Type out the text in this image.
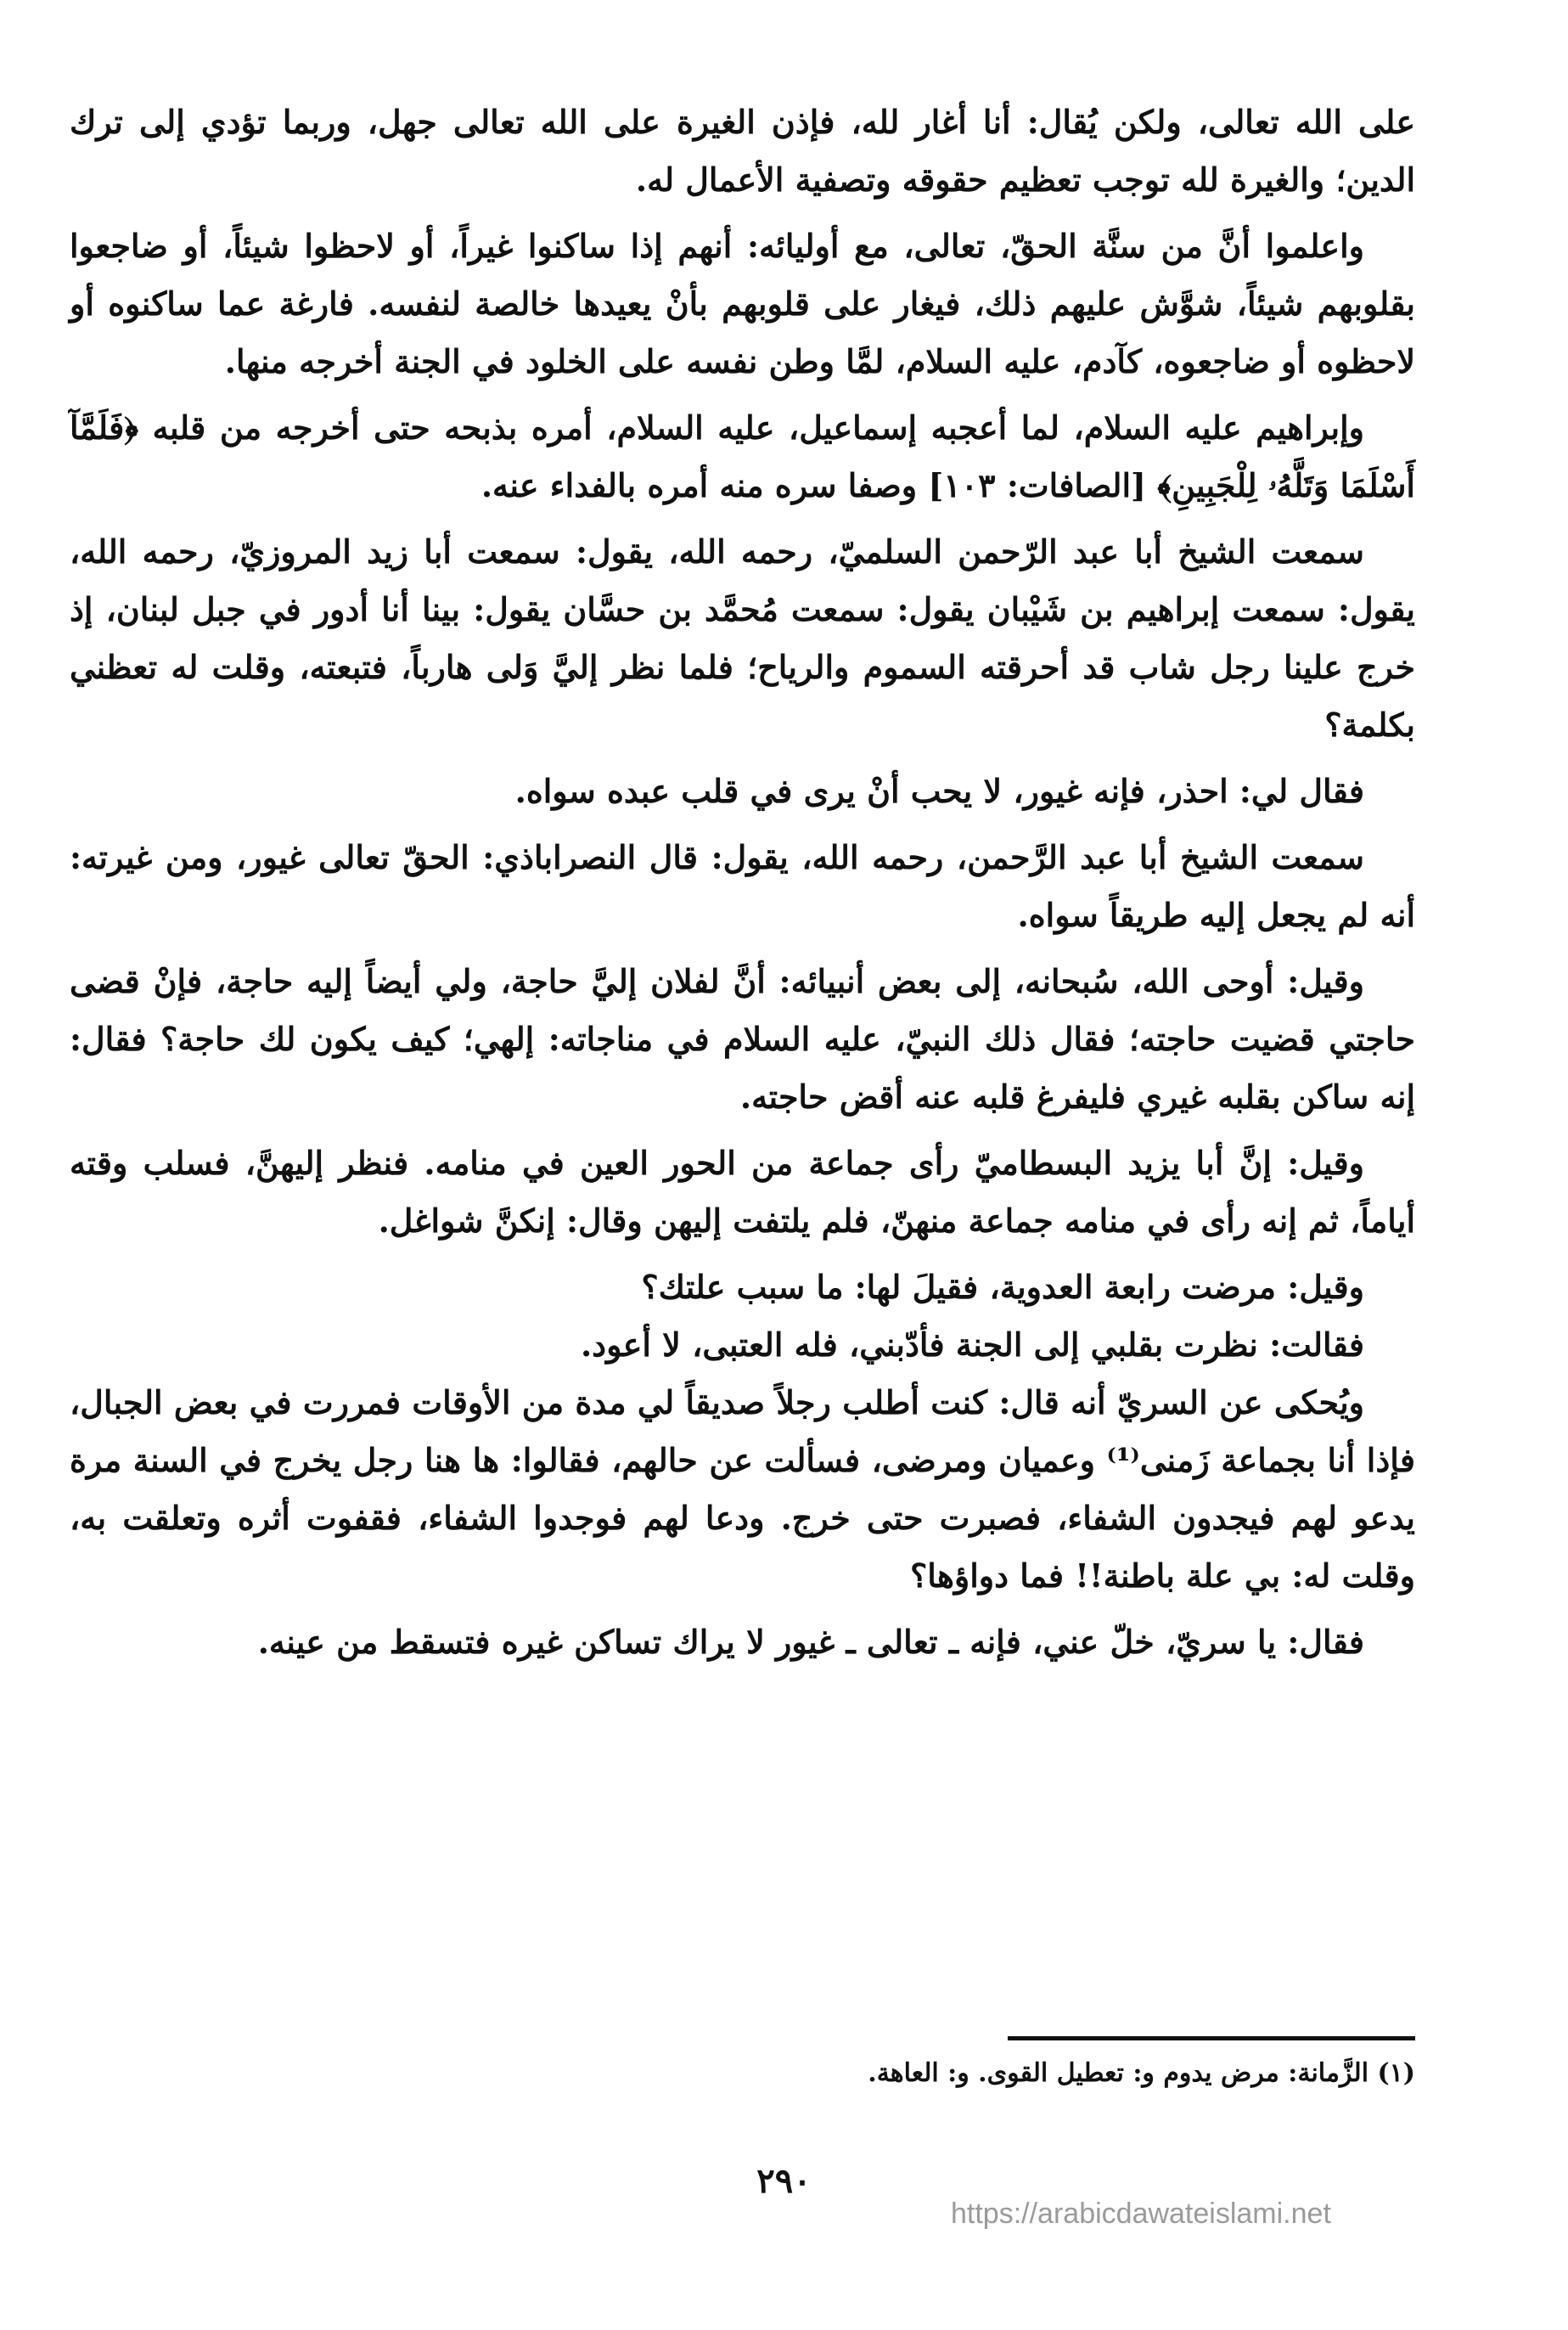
على الله تعالى، ولكن يُقال: أنا أغار لله، فإذن الغيرة على الله تعالى جهل، وربما تؤدي إلى ترك الدين؛ والغيرة لله توجب تعظيم حقوقه وتصفية الأعمال له.

واعلموا أنَّ من سنَّة الحقّ، تعالى، مع أوليائه: أنهم إذا ساكنوا غيراً، أو لاحظوا شيئاً، أو ضاجعوا بقلوبهم شيئاً، شوَّش عليهم ذلك، فيغار على قلوبهم بأنْ يعيدها خالصة لنفسه. فارغة عما ساكنوه أو لاحظوه أو ضاجعوه، كآدم، عليه السلام، لمَّا وطن نفسه على الخلود في الجنة أخرجه منها.

وإبراهيم عليه السلام، لما أعجبه إسماعيل، عليه السلام، أمره بذبحه حتى أخرجه من قلبه ﴿فَلَمَّآ أَسْلَمَا وَتَلَّهُۥ لِلْجَبِينِ﴾ [الصافات: ١٠٣] وصفا سره منه أمره بالفداء عنه.

سمعت الشيخ أبا عبد الرّحمن السلميّ، رحمه الله، يقول: سمعت أبا زيد المروزيّ، رحمه الله، يقول: سمعت إبراهيم بن شَيْبان يقول: سمعت مُحمَّد بن حسَّان يقول: بينا أنا أدور في جبل لبنان، إذ خرج علينا رجل شاب قد أحرقته السموم والرياح؛ فلما نظر إليَّ وَلى هارباً، فتبعته، وقلت له تعظني بكلمة؟

فقال لي: احذر، فإنه غيور، لا يحب أنْ يرى في قلب عبده سواه.

سمعت الشيخ أبا عبد الرَّحمن، رحمه الله، يقول: قال النصراباذي: الحقّ تعالى غيور، ومن غيرته: أنه لم يجعل إليه طريقاً سواه.

وقيل: أوحى الله، سُبحانه، إلى بعض أنبيائه: أنَّ لفلان إليَّ حاجة، ولي أيضاً إليه حاجة، فإنْ قضى حاجتي قضيت حاجته؛ فقال ذلك النبيّ، عليه السلام في مناجاته: إلهي؛ كيف يكون لك حاجة؟ فقال: إنه ساكن بقلبه غيري فليفرغ قلبه عنه أقض حاجته.

وقيل: إنَّ أبا يزيد البسطاميّ رأى جماعة من الحور العين في منامه. فنظر إليهنَّ، فسلب وقته أياماً، ثم إنه رأى في منامه جماعة منهنّ، فلم يلتفت إليهن وقال: إنكنَّ شواغل.

وقيل: مرضت رابعة العدوية، فقيلَ لها: ما سبب علتك؟

فقالت: نظرت بقلبي إلى الجنة فأدّبني، فله العتبى، لا أعود.

ويُحكى عن السريّ أنه قال: كنت أطلب رجلاً صديقاً لي مدة من الأوقات فمررت في بعض الجبال، فإذا أنا بجماعة زَمنى⁽¹⁾ وعميان ومرضى، فسألت عن حالهم، فقالوا: ها هنا رجل يخرج في السنة مرة يدعو لهم فيجدون الشفاء، فصبرت حتى خرج. ودعا لهم فوجدوا الشفاء، فقفوت أثره وتعلقت به، وقلت له: بي علة باطنة!! فما دواؤها؟

فقال: يا سريّ، خلّ عني، فإنه ـ تعالى ـ غيور لا يراك تساكن غيره فتسقط من عينه.

(١) الزَّمانة: مرض يدوم و: تعطيل القوى. و: العاهة.
٢٩٠
https://arabicdawateislami.net
